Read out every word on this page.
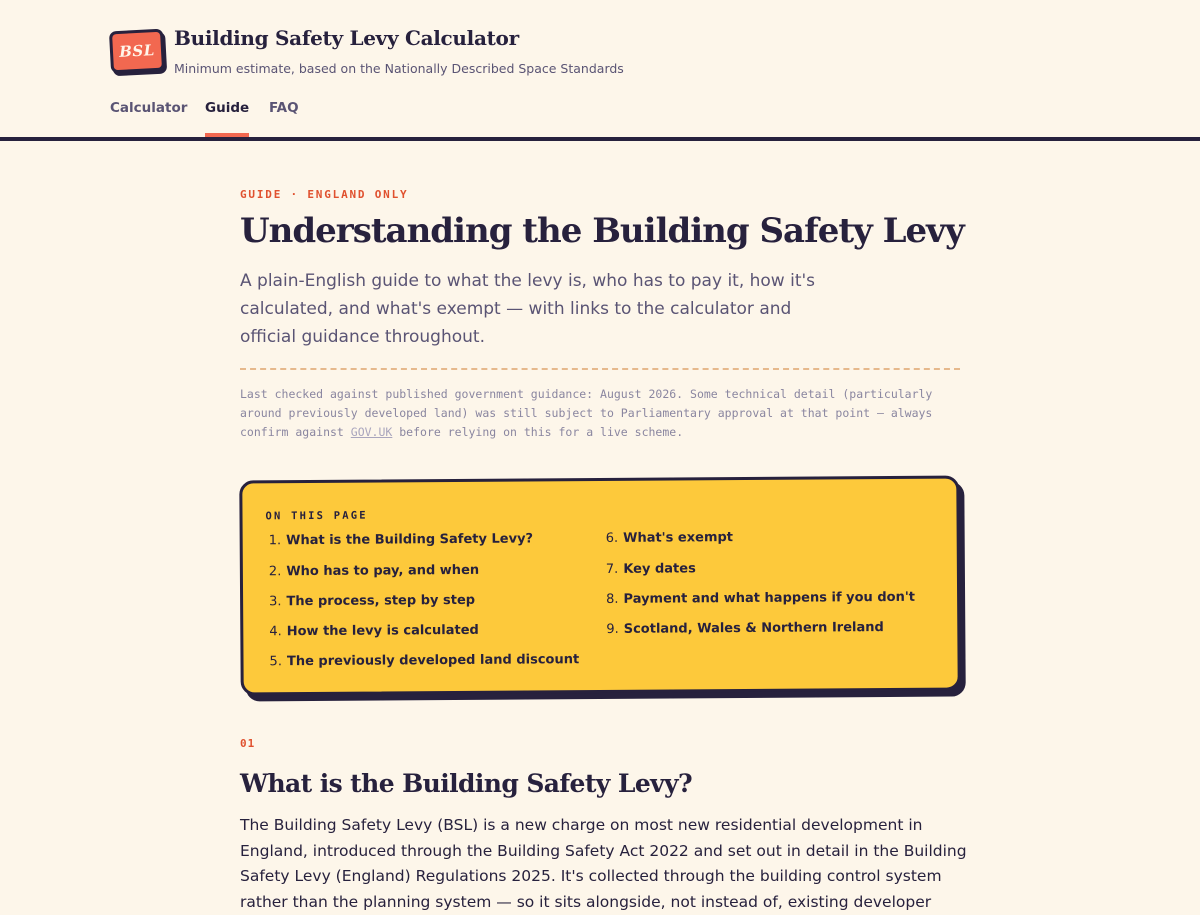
BSL
Building Safety Levy Calculator
Minimum estimate, based on the Nationally Described Space Standards
Calculator Guide FAQ
GUIDE · ENGLAND ONLY
Understanding the Building Safety Levy

A plain-English guide to what the levy is, who has to pay it, how it's calculated, and what's exempt — with links to the calculator and official guidance throughout.

Last checked against published government guidance: August 2026. Some technical detail (particularly around previously developed land) was still subject to Parliamentary approval at that point — always confirm against GOV.UK before relying on this for a live scheme.

ON THIS PAGE
1. What is the Building Safety Levy?
2. Who has to pay, and when
3. The process, step by step
4. How the levy is calculated
5. The previously developed land discount
6. What's exempt
7. Key dates
8. Payment and what happens if you don't
9. Scotland, Wales & Northern Ireland
01
What is the Building Safety Levy?

The Building Safety Levy (BSL) is a new charge on most new residential development in England, introduced through the Building Safety Act 2022 and set out in detail in the Building Safety Levy (England) Regulations 2025. It's collected through the building control system rather than the planning system — so it sits alongside, not instead of, existing developer
